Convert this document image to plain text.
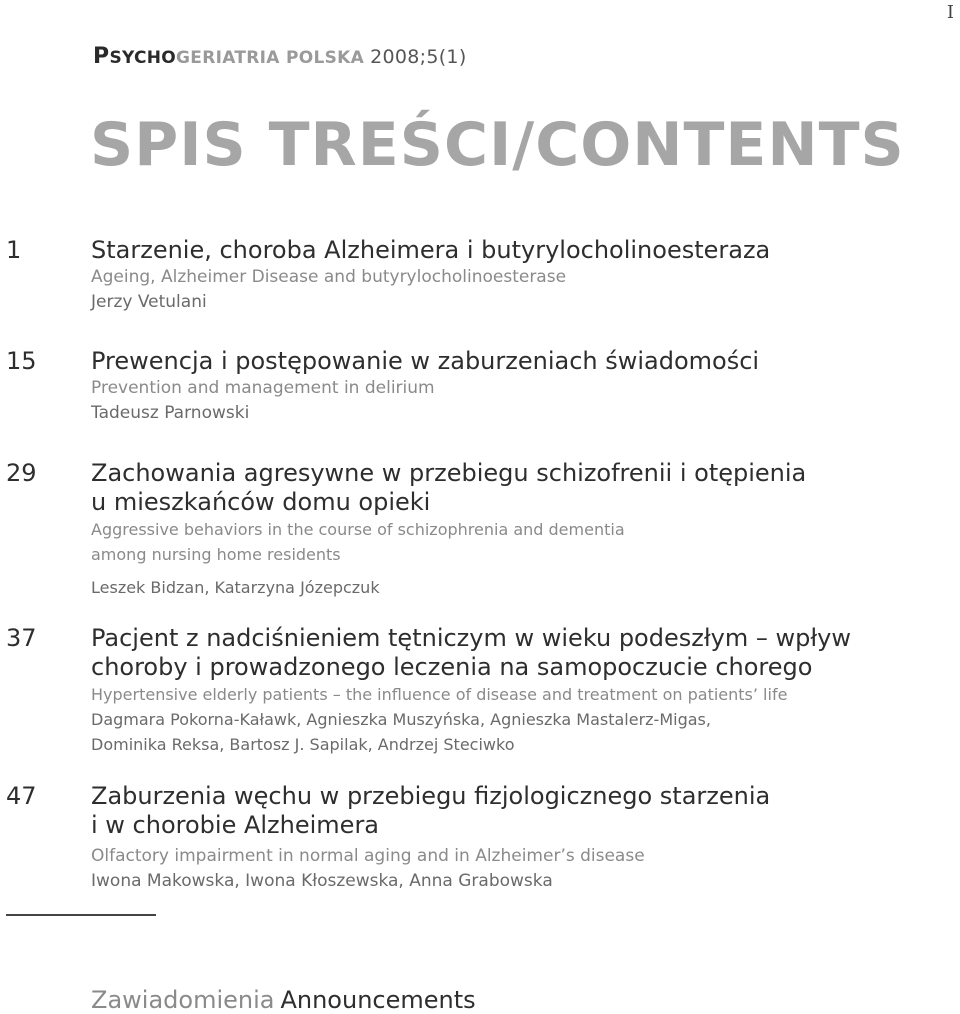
I
PSYCHOGERIATRIA POLSKA 2008;5(1)
SPIS TREŚCI/CONTENTS
1	Starzenie, choroba Alzheimera i butyrylocholinoesteraza
Ageing, Alzheimer Disease and butyrylocholinoesterase
Jerzy Vetulani
15 Prewencja i postępowanie w zaburzeniach świadomości
Prevention and management in delirium
Tadeusz Parnowski
29 Zachowania agresywne w przebiegu schizofrenii i otępienia
u mieszkańców domu opieki
Aggressive behaviors in the course of schizophrenia and dementia
among nursing home residents
Leszek Bidzan, Katarzyna Józepczuk
37 Pacjent z nadciśnieniem tętniczym w wieku podeszłym – wpływ
choroby i prowadzonego leczenia na samopoczucie chorego
Hypertensive elderly patients – the influence of disease and treatment on patients’ life
Dagmara Pokorna-Kaławk, Agnieszka Muszyńska, Agnieszka Mastalerz-Migas,
Dominika Reksa, Bartosz J. Sapilak, Andrzej Steciwko
47 Zaburzenia węchu w przebiegu fizjologicznego starzenia
i w chorobie Alzheimera
Olfactory impairment in normal aging and in Alzheimer’s disease
Iwona Makowska, Iwona Kłoszewska, Anna Grabowska
Zawiadomienia Announcements
